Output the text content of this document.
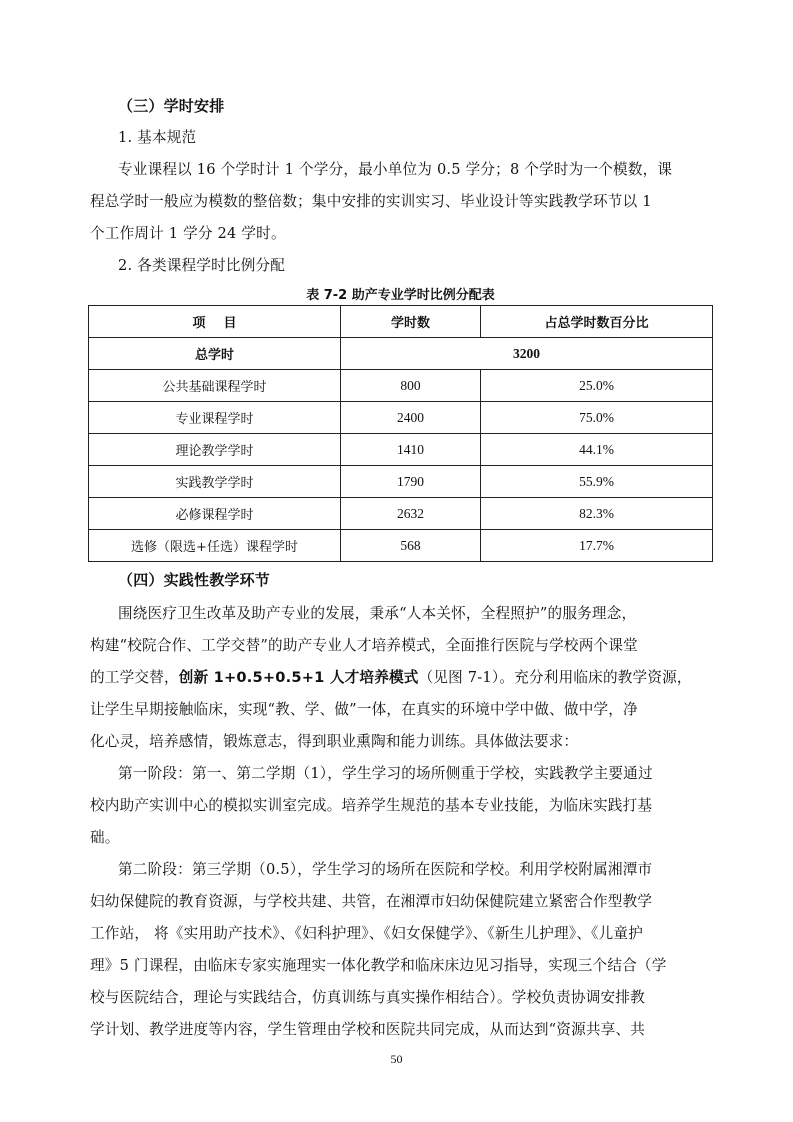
（三）学时安排
1. 基本规范
专业课程以 16 个学时计 1 个学分，最小单位为 0.5 学分；8 个学时为一个模数，课
程总学时一般应为模数的整倍数；集中安排的实训实习、毕业设计等实践教学环节以 1
个工作周计 1 学分 24 学时。
2. 各类课程学时比例分配
表 7-2 助产专业学时比例分配表
项    目	学时数	占总学时数百分比
总学时	3200	
公共基础课程学时	800	25.0%
专业课程学时	2400	75.0%
理论教学学时	1410	44.1%
实践教学学时	1790	55.9%
必修课程学时	2632	82.3%
选修（限选+任选）课程学时	568	17.7%
（四）实践性教学环节
围绕医疗卫生改革及助产专业的发展，秉承“人本关怀，全程照护”的服务理念，
构建“校院合作、工学交替”的助产专业人才培养模式，全面推行医院与学校两个课堂
的工学交替，创新 1+0.5+0.5+1 人才培养模式（见图 7-1）。充分利用临床的教学资源，
让学生早期接触临床，实现“教、学、做”一体，在真实的环境中学中做、做中学，净
化心灵，培养感情，锻炼意志，得到职业熏陶和能力训练。具体做法要求：
第一阶段：第一、第二学期（1），学生学习的场所侧重于学校，实践教学主要通过
校内助产实训中心的模拟实训室完成。培养学生规范的基本专业技能，为临床实践打基
础。
第二阶段：第三学期（0.5），学生学习的场所在医院和学校。利用学校附属湘潭市
妇幼保健院的教育资源，与学校共建、共管，在湘潭市妇幼保健院建立紧密合作型教学
工作站， 将《实用助产技术》、《妇科护理》、《妇女保健学》、《新生儿护理》、《儿童护
理》5 门课程，由临床专家实施理实一体化教学和临床床边见习指导，实现三个结合（学
校与医院结合，理论与实践结合，仿真训练与真实操作相结合）。学校负责协调安排教
学计划、教学进度等内容，学生管理由学校和医院共同完成，从而达到“资源共享、共
50
